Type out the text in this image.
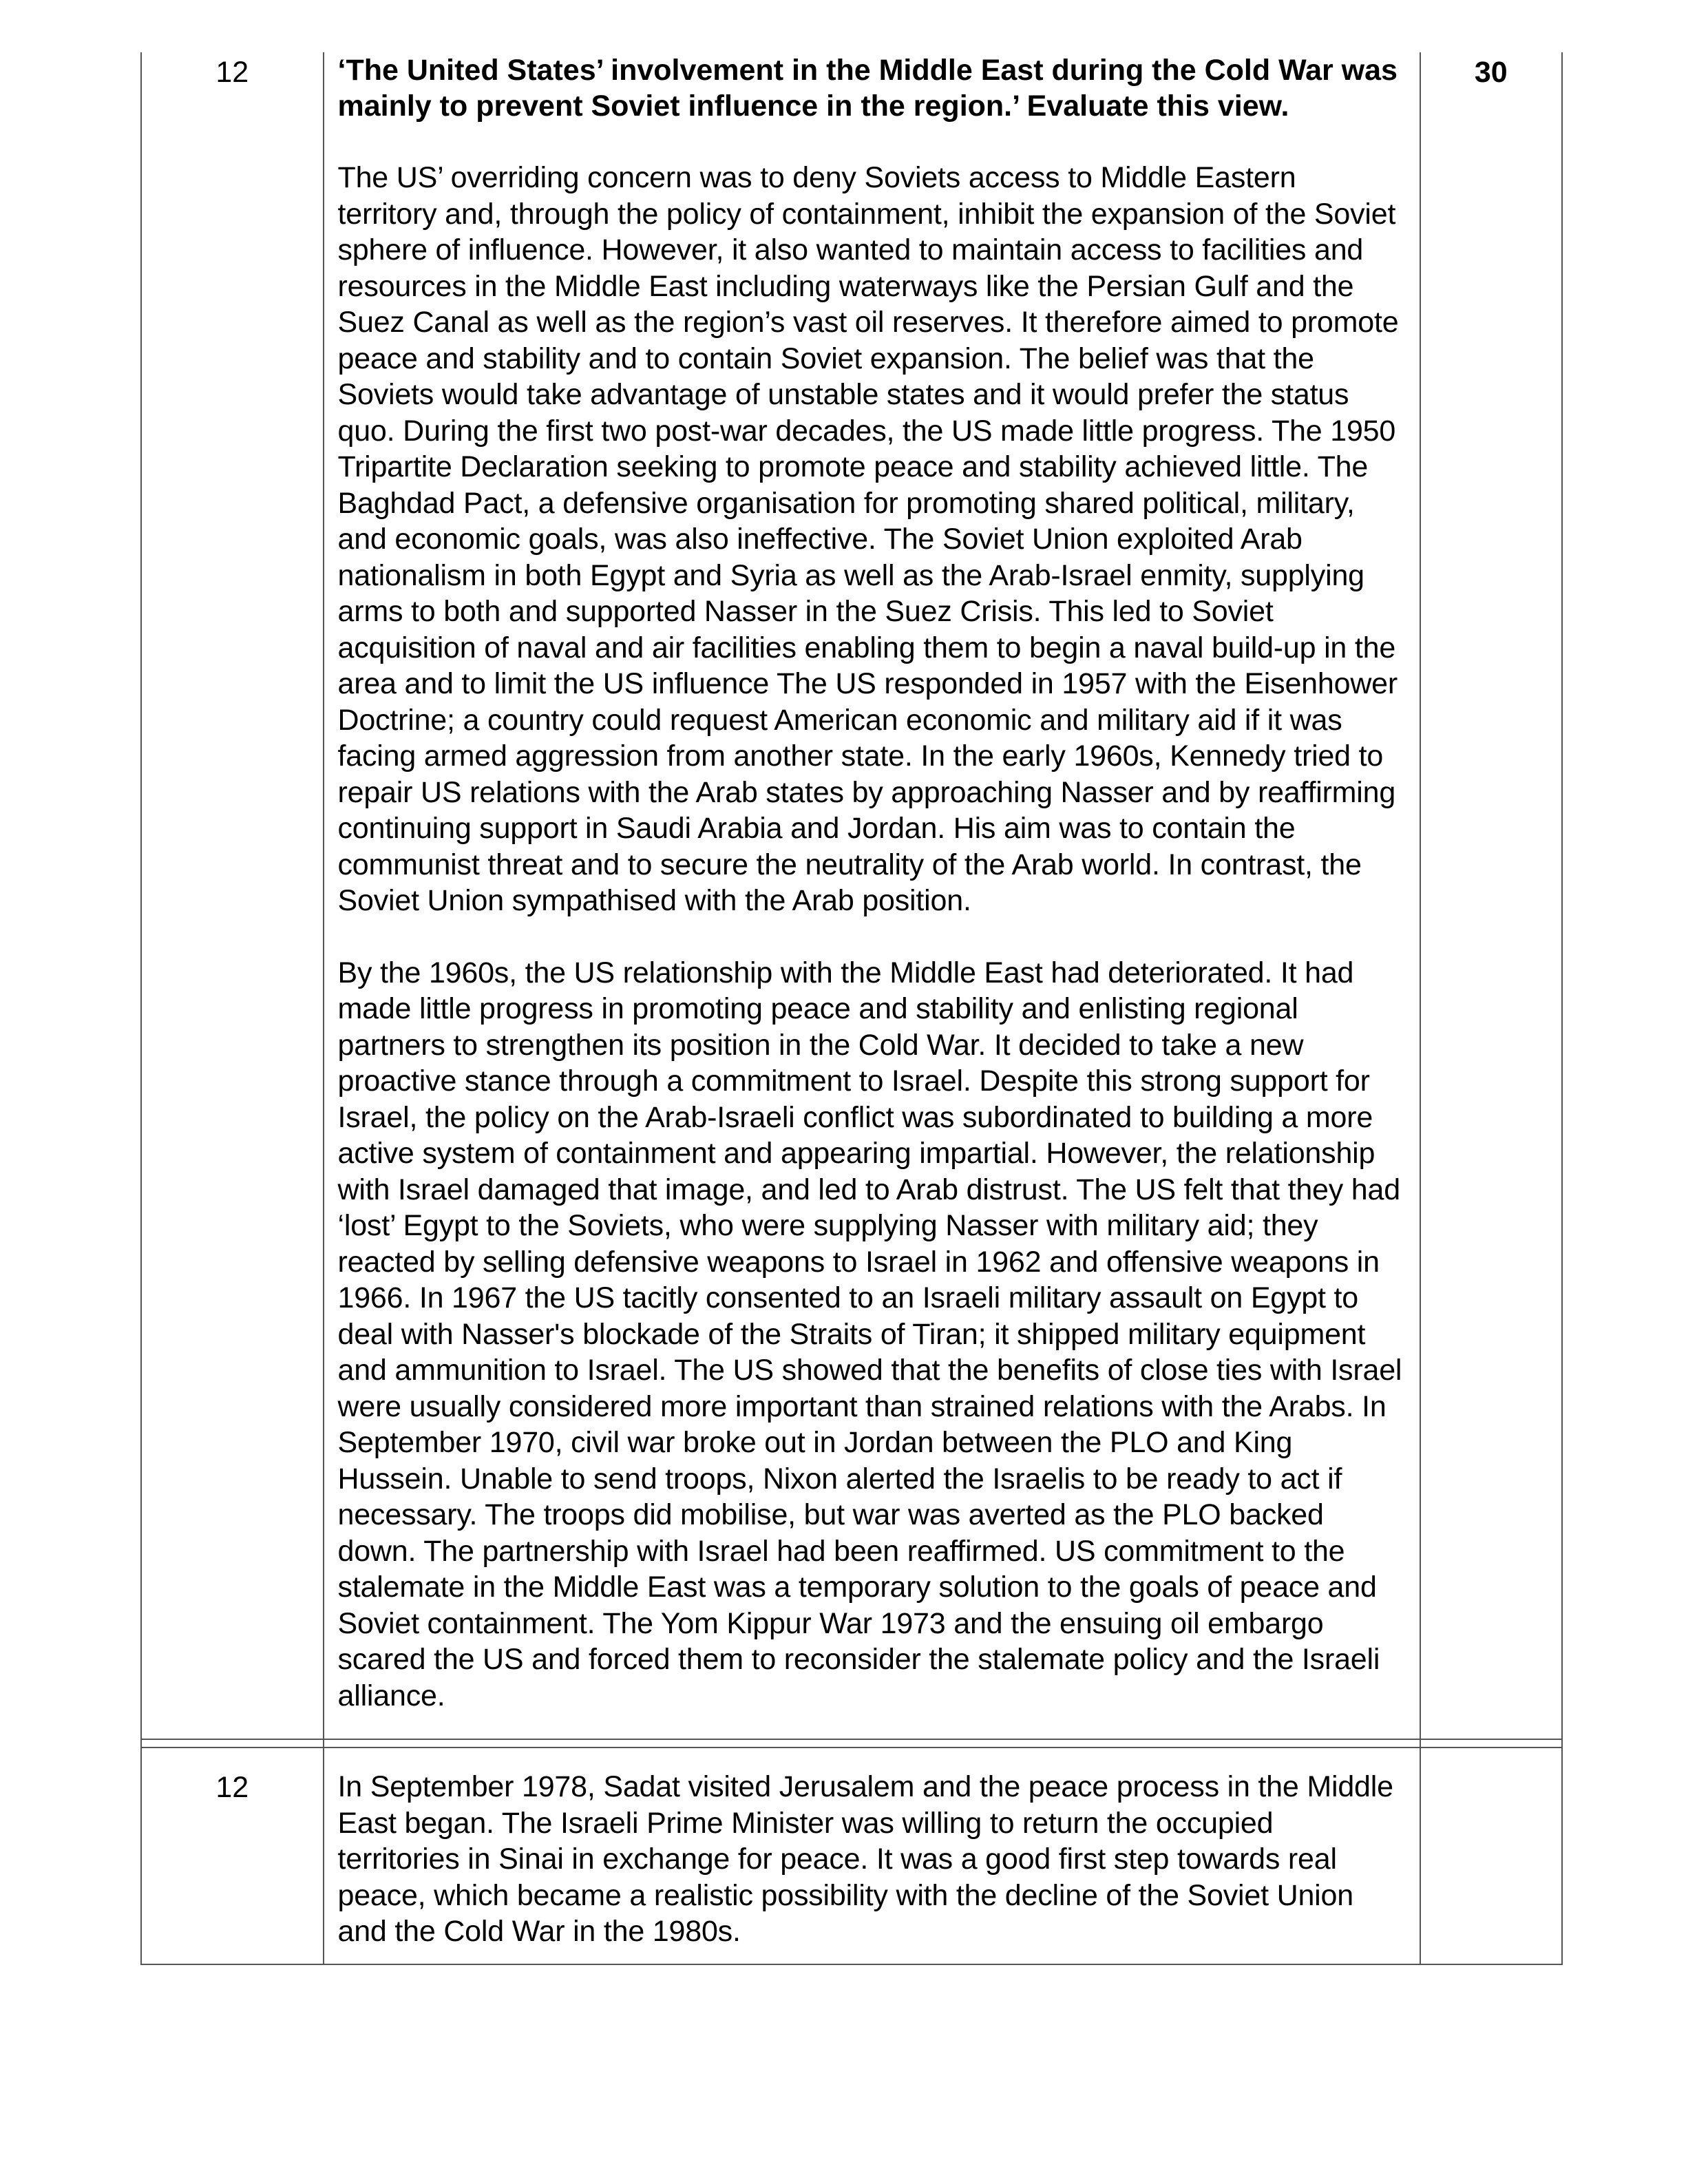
12	‘The United States’ involvement in the Middle East during the Cold War was mainly to prevent Soviet influence in the region.’ Evaluate this view.

The US’ overriding concern was to deny Soviets access to Middle Eastern territory and, through the policy of containment, inhibit the expansion of the Soviet sphere of influence. However, it also wanted to maintain access to facilities and resources in the Middle East including waterways like the Persian Gulf and the Suez Canal as well as the region’s vast oil reserves. It therefore aimed to promote peace and stability and to contain Soviet expansion. The belief was that the Soviets would take advantage of unstable states and it would prefer the status quo. During the first two post-war decades, the US made little progress. The 1950 Tripartite Declaration seeking to promote peace and stability achieved little. The Baghdad Pact, a defensive organisation for promoting shared political, military, and economic goals, was also ineffective. The Soviet Union exploited Arab nationalism in both Egypt and Syria as well as the Arab-Israel enmity, supplying arms to both and supported Nasser in the Suez Crisis. This led to Soviet acquisition of naval and air facilities enabling them to begin a naval build-up in the area and to limit the US influence The US responded in 1957 with the Eisenhower Doctrine; a country could request American economic and military aid if it was facing armed aggression from another state. In the early 1960s, Kennedy tried to repair US relations with the Arab states by approaching Nasser and by reaffirming continuing support in Saudi Arabia and Jordan. His aim was to contain the communist threat and to secure the neutrality of the Arab world. In contrast, the Soviet Union sympathised with the Arab position.

By the 1960s, the US relationship with the Middle East had deteriorated. It had made little progress in promoting peace and stability and enlisting regional partners to strengthen its position in the Cold War. It decided to take a new proactive stance through a commitment to Israel. Despite this strong support for Israel, the policy on the Arab-Israeli conflict was subordinated to building a more active system of containment and appearing impartial. However, the relationship with Israel damaged that image, and led to Arab distrust. The US felt that they had ‘lost’ Egypt to the Soviets, who were supplying Nasser with military aid; they reacted by selling defensive weapons to Israel in 1962 and offensive weapons in 1966. In 1967 the US tacitly consented to an Israeli military assault on Egypt to deal with Nasser's blockade of the Straits of Tiran; it shipped military equipment and ammunition to Israel. The US showed that the benefits of close ties with Israel were usually considered more important than strained relations with the Arabs. In September 1970, civil war broke out in Jordan between the PLO and King Hussein. Unable to send troops, Nixon alerted the Israelis to be ready to act if necessary. The troops did mobilise, but war was averted as the PLO backed down. The partnership with Israel had been reaffirmed. US commitment to the stalemate in the Middle East was a temporary solution to the goals of peace and Soviet containment. The Yom Kippur War 1973 and the ensuing oil embargo scared the US and forced them to reconsider the stalemate policy and the Israeli alliance.	30

12	In September 1978, Sadat visited Jerusalem and the peace process in the Middle East began. The Israeli Prime Minister was willing to return the occupied territories in Sinai in exchange for peace. It was a good first step towards real peace, which became a realistic possibility with the decline of the Soviet Union and the Cold War in the 1980s.	
